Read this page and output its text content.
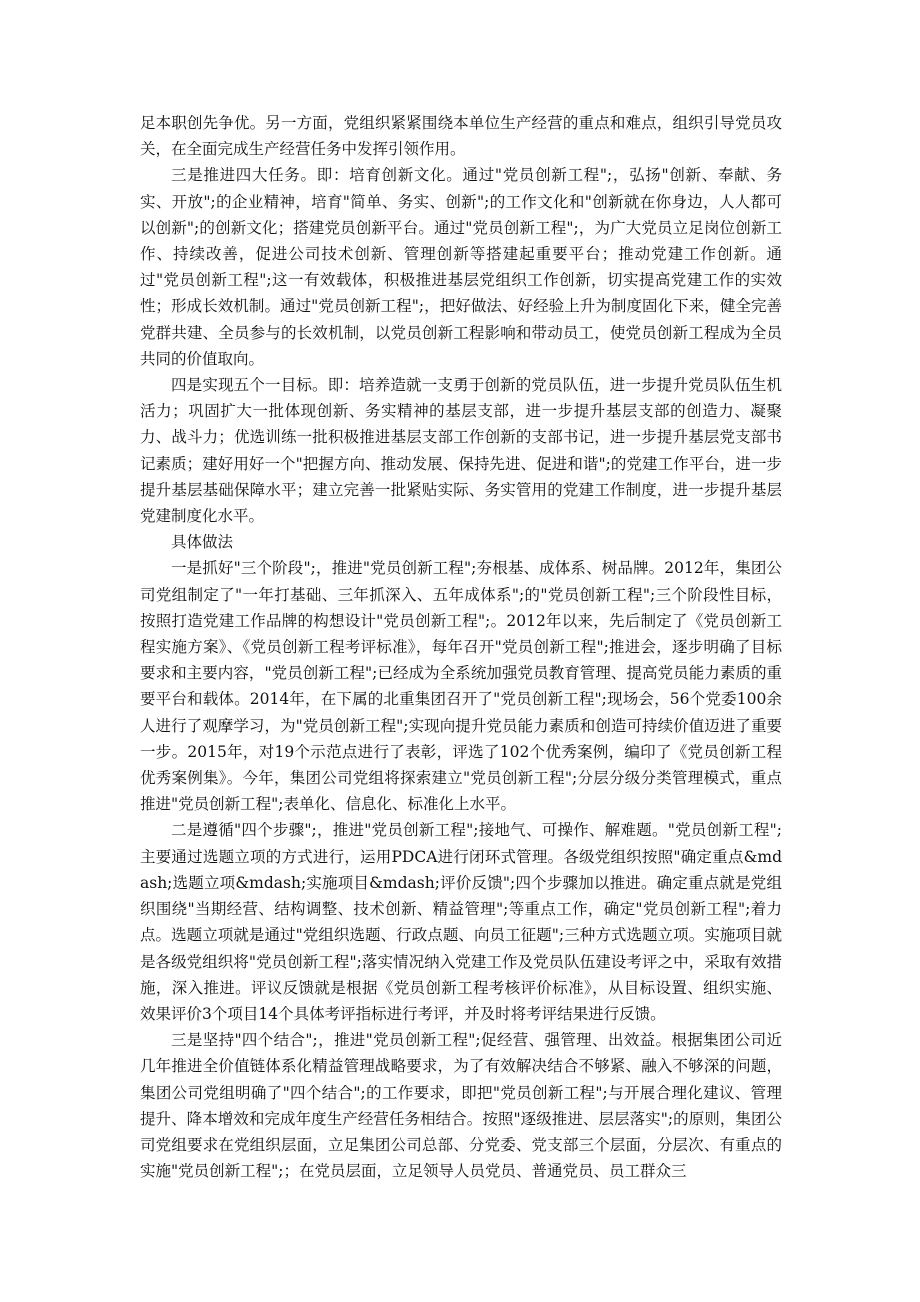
足本职创先争优。另一方面，党组织紧紧围绕本单位生产经营的重点和难点，组织引导党员攻关，在全面完成生产经营任务中发挥引领作用。

三是推进四大任务。即：培育创新文化。通过"党员创新工程";，弘扬"创新、奉献、务实、开放";的企业精神，培育"简单、务实、创新";的工作文化和"创新就在你身边，人人都可以创新";的创新文化；搭建党员创新平台。通过"党员创新工程";，为广大党员立足岗位创新工作、持续改善，促进公司技术创新、管理创新等搭建起重要平台；推动党建工作创新。通过"党员创新工程";这一有效载体，积极推进基层党组织工作创新，切实提高党建工作的实效性；形成长效机制。通过"党员创新工程";，把好做法、好经验上升为制度固化下来，健全完善党群共建、全员参与的长效机制，以党员创新工程影响和带动员工，使党员创新工程成为全员共同的价值取向。

四是实现五个一目标。即：培养造就一支勇于创新的党员队伍，进一步提升党员队伍生机活力；巩固扩大一批体现创新、务实精神的基层支部，进一步提升基层支部的创造力、凝聚力、战斗力；优选训练一批积极推进基层支部工作创新的支部书记，进一步提升基层党支部书记素质；建好用好一个"把握方向、推动发展、保持先进、促进和谐";的党建工作平台，进一步提升基层基础保障水平；建立完善一批紧贴实际、务实管用的党建工作制度，进一步提升基层党建制度化水平。

具体做法

一是抓好"三个阶段";，推进"党员创新工程";夯根基、成体系、树品牌。2012年，集团公司党组制定了"一年打基础、三年抓深入、五年成体系";的"党员创新工程";三个阶段性目标，按照打造党建工作品牌的构想设计"党员创新工程";。2012年以来，先后制定了《党员创新工程实施方案》、《党员创新工程考评标准》，每年召开"党员创新工程";推进会，逐步明确了目标要求和主要内容，"党员创新工程";已经成为全系统加强党员教育管理、提高党员能力素质的重要平台和载体。2014年，在下属的北重集团召开了"党员创新工程";现场会，56个党委100余人进行了观摩学习，为"党员创新工程";实现向提升党员能力素质和创造可持续价值迈进了重要一步。2015年，对19个示范点进行了表彰，评选了102个优秀案例，编印了《党员创新工程优秀案例集》。今年，集团公司党组将探索建立"党员创新工程";分层分级分类管理模式，重点推进"党员创新工程";表单化、信息化、标准化上水平。

二是遵循"四个步骤";，推进"党员创新工程";接地气、可操作、解难题。"党员创新工程";主要通过选题立项的方式进行，运用PDCA进行闭环式管理。各级党组织按照"确定重点&mdash;选题立项&mdash;实施项目&mdash;评价反馈";四个步骤加以推进。确定重点就是党组织围绕"当期经营、结构调整、技术创新、精益管理";等重点工作，确定"党员创新工程";着力点。选题立项就是通过"党组织选题、行政点题、向员工征题";三种方式选题立项。实施项目就是各级党组织将"党员创新工程";落实情况纳入党建工作及党员队伍建设考评之中，采取有效措施，深入推进。评议反馈就是根据《党员创新工程考核评价标准》，从目标设置、组织实施、效果评价3个项目14个具体考评指标进行考评，并及时将考评结果进行反馈。

三是坚持"四个结合";，推进"党员创新工程";促经营、强管理、出效益。根据集团公司近几年推进全价值链体系化精益管理战略要求，为了有效解决结合不够紧、融入不够深的问题，集团公司党组明确了"四个结合";的工作要求，即把"党员创新工程";与开展合理化建议、管理提升、降本增效和完成年度生产经营任务相结合。按照"逐级推进、层层落实";的原则，集团公司党组要求在党组织层面，立足集团公司总部、分党委、党支部三个层面，分层次、有重点的实施"党员创新工程";；在党员层面，立足领导人员党员、普通党员、员工群众三
